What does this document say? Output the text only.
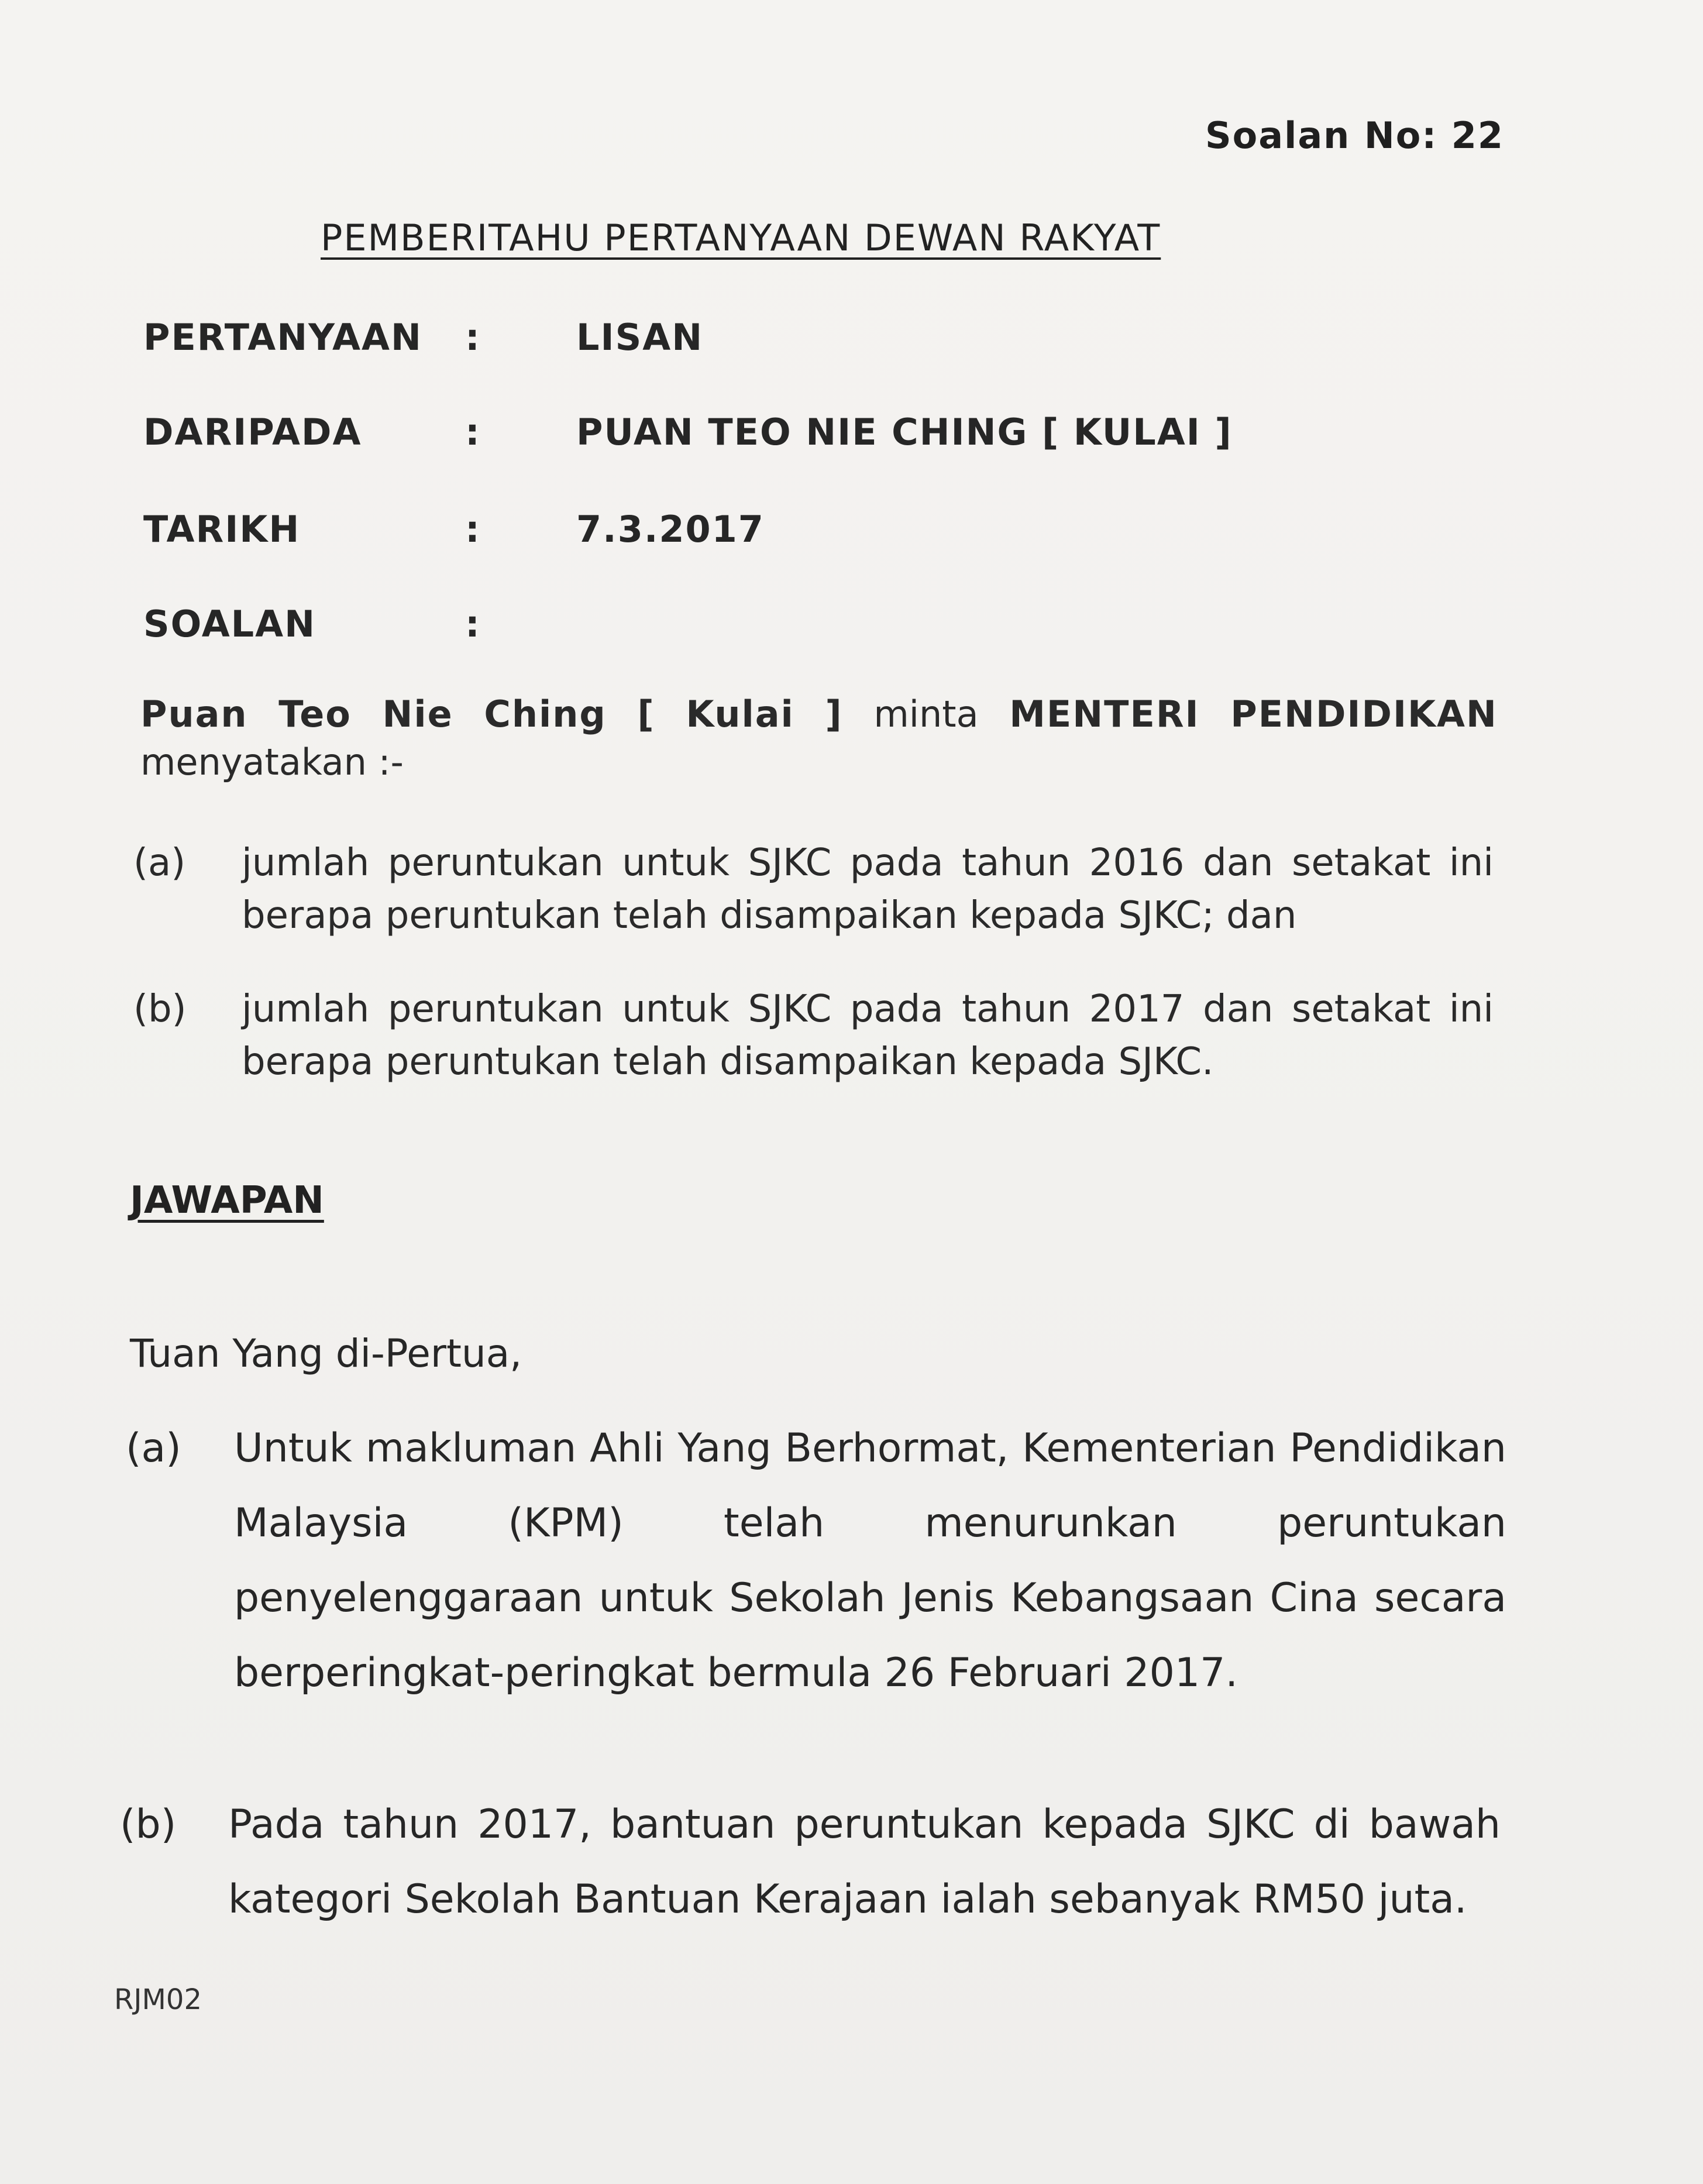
Soalan No: 22
PEMBERITAHU PERTANYAAN DEWAN RAKYAT
PERTANYAAN :	LISAN
DARIPADA	:	PUAN TEO NIE CHING [ KULAI ]
TARIKH	:	7.3.2017
SOALAN	:
Puan Teo Nie Ching [ Kulai ] minta MENTERI PENDIDIKAN
menyatakan :-
(a) jumlah peruntukan untuk SJKC pada tahun 2016 dan setakat ini berapa peruntukan telah disampaikan kepada SJKC; dan
(b) jumlah peruntukan untuk SJKC pada tahun 2017 dan setakat ini berapa peruntukan telah disampaikan kepada SJKC.
JAWAPAN
Tuan Yang di-Pertua,
(a) Untuk makluman Ahli Yang Berhormat, Kementerian Pendidikan Malaysia (KPM) telah menurunkan peruntukan penyelenggaraan untuk Sekolah Jenis Kebangsaan Cina secara berperingkat-peringkat bermula 26 Februari 2017.
(b) Pada tahun 2017, bantuan peruntukan kepada SJKC di bawah kategori Sekolah Bantuan Kerajaan ialah sebanyak RM50 juta.
RJM02
